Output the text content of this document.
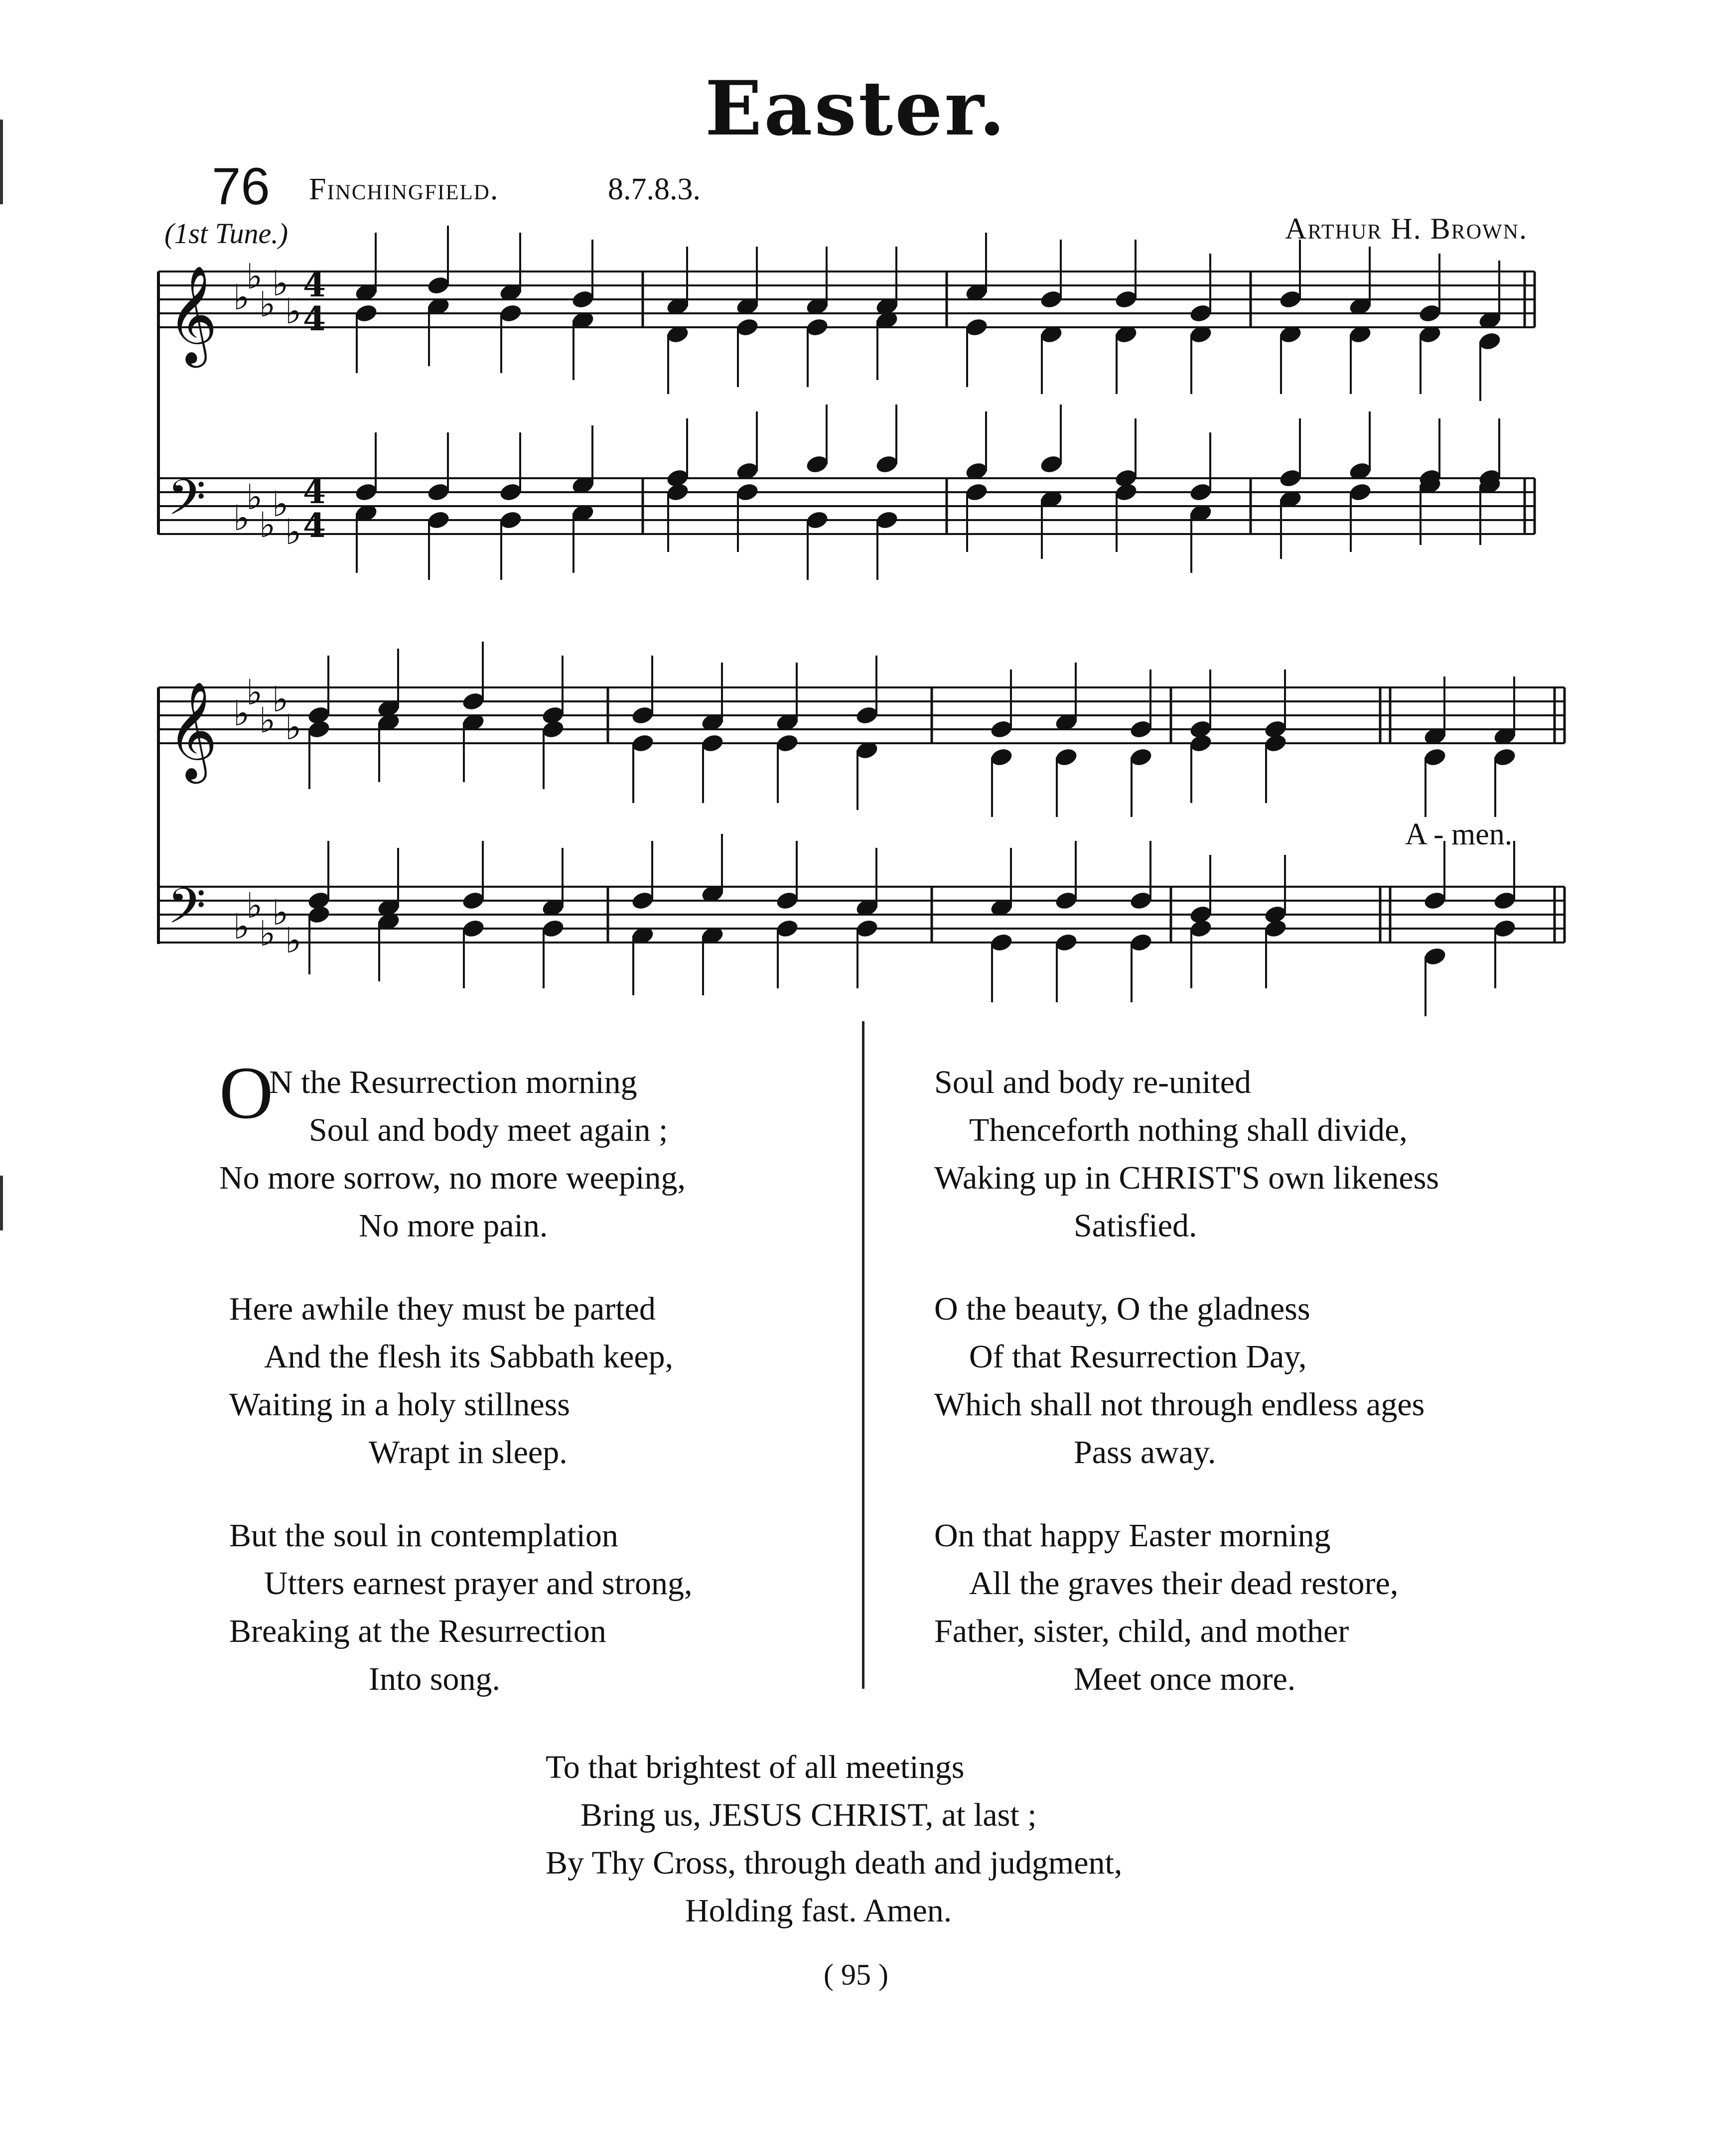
Easter.
76 Finchingfield.	8.7.8.3.
(1st Tune.)	Arthur H. Brown.
𝄞 ♭
♭
♭
♭
♭
4
4
𝄢 ♭
♭
♭
♭
♭
4
4
𝄞 ♭
♭
♭
♭
♭
𝄢 ♭
♭
♭
♭
♭
A - men.
O
N the Resurrection morning
Soul and body meet again ;
No more sorrow, no more weeping,
No more pain.
Here awhile they must be parted
And the flesh its Sabbath keep,
Waiting in a holy stillness
Wrapt in sleep.
But the soul in contemplation
Utters earnest prayer and strong,
Breaking at the Resurrection
Into song.
Soul and body re-united
Thenceforth nothing shall divide,
Waking up in CHRIST'S own likeness
Satisfied.
O the beauty, O the gladness
Of that Resurrection Day,
Which shall not through endless ages
Pass away.
On that happy Easter morning
All the graves their dead restore,
Father, sister, child, and mother
Meet once more.
To that brightest of all meetings
Bring us, JESUS CHRIST, at last ;
By Thy Cross, through death and judgment,
Holding fast. Amen.
( 95 )
